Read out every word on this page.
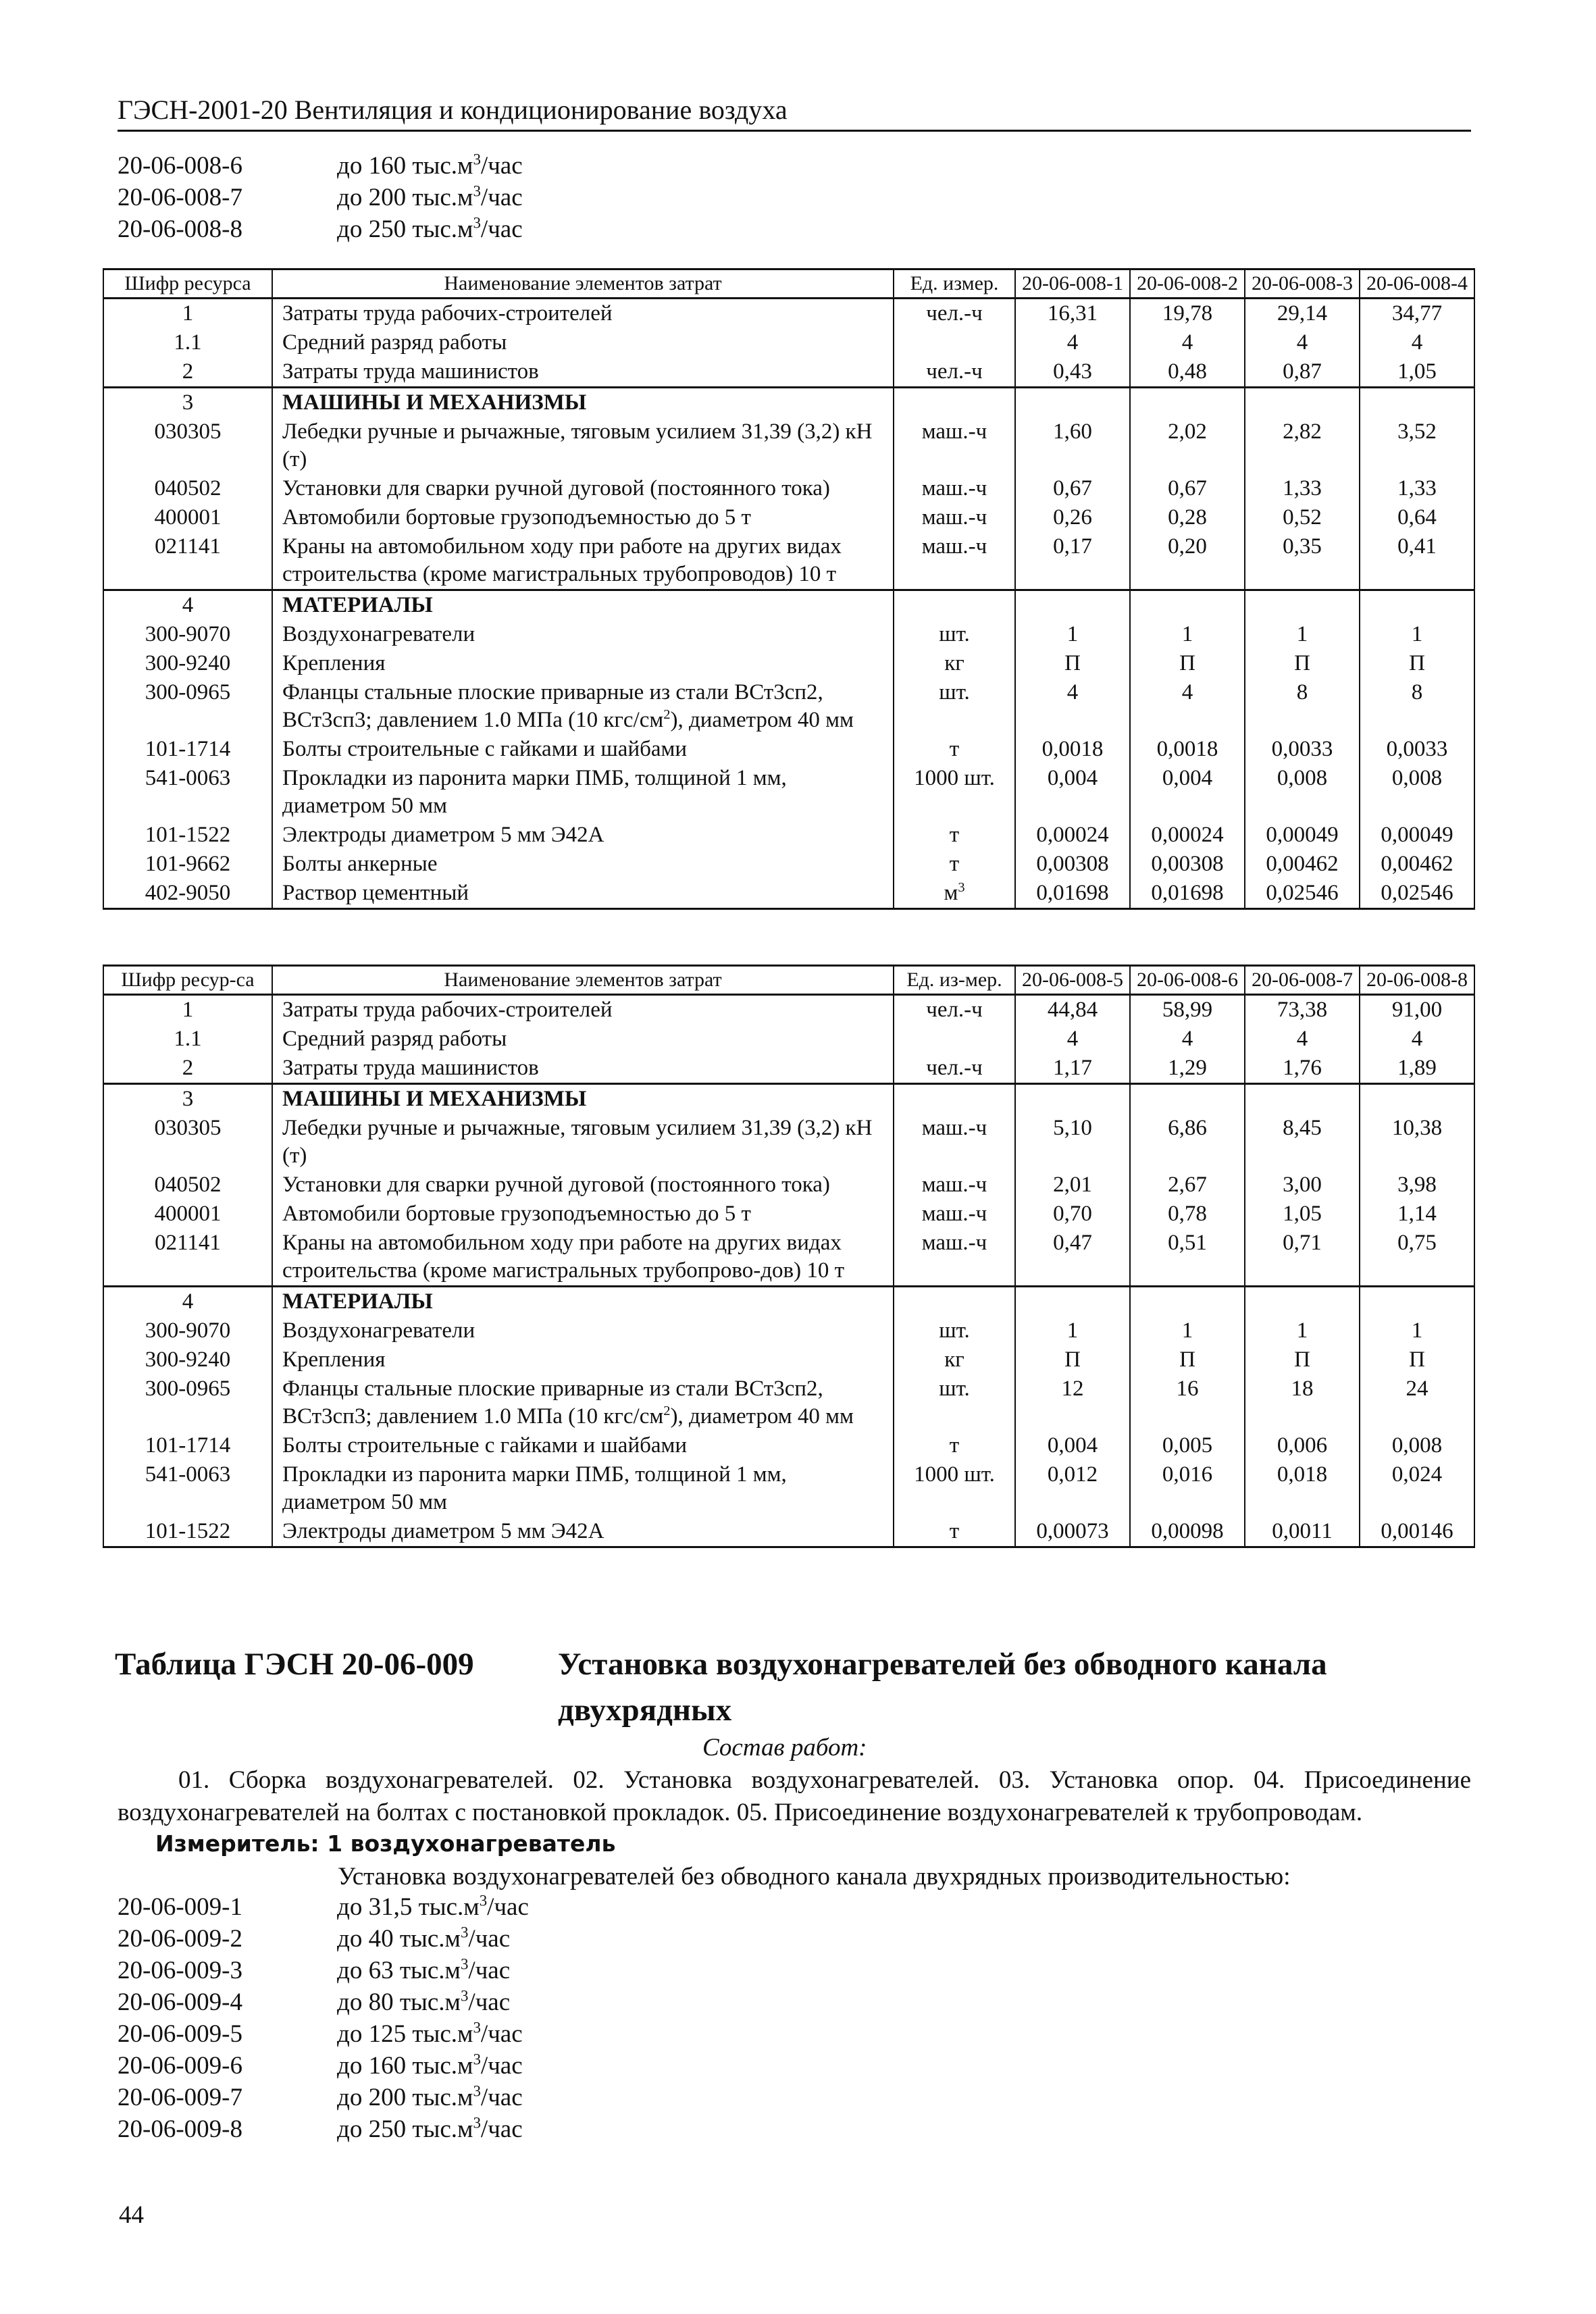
ГЭСН-2001-20 Вентиляция и кондиционирование воздуха
20-06-008-6	до 160 $тыс.м^3$/час
20-06-008-7	до 200 $тыс.м^3$/час
20-06-008-8	до 250 $тыс.м^3$/час
Шифр ресурса	Наименование элементов затрат	Ед. измер.	20-06-008-1	20-06-008-2	20-06-008-3	20-06-008-4
1	Затраты труда рабочих-строителей	чел.-ч	16,31	19,78	29,14	34,77
1.1	Средний разряд работы		4	4	4	4
2	Затраты труда машинистов	чел.-ч	0,43	0,48	0,87	1,05
3	МАШИНЫ И МЕХАНИЗМЫ					
030305	Лебедки ручные и рычажные, тяговым усилием 31,39 (3,2) кН (т)	маш.-ч	1,60	2,02	2,82	3,52
040502	Установки для сварки ручной дуговой (постоянного тока)	маш.-ч	0,67	0,67	1,33	1,33
400001	Автомобили бортовые грузоподъемностью до 5 т	маш.-ч	0,26	0,28	0,52	0,64
021141	Краны на автомобильном ходу при работе на других видах строительства (кроме магистральных трубопроводов) 10 т	маш.-ч	0,17	0,20	0,35	0,41
4	МАТЕРИАЛЫ					
300-9070	Воздухонагреватели	шт.	1	1	1	1
300-9240	Крепления	кг	П	П	П	П
300-0965	Фланцы стальные плоские приварные из стали ВСт3сп2, ВСт3сп3; давлением 1.0 МПа (10 кгс/$см^2$), диаметром 40 мм	шт.	4	4	8	8
101-1714	Болты строительные с гайками и шайбами	т	0,0018	0,0018	0,0033	0,0033
541-0063	Прокладки из паронита марки ПМБ, толщиной 1 мм, диаметром 50 мм	1000 шт.	0,004	0,004	0,008	0,008
101-1522	Электроды диаметром 5 мм Э42А	т	0,00024	0,00024	0,00049	0,00049
101-9662	Болты анкерные	т	0,00308	0,00308	0,00462	0,00462
402-9050	Раствор цементный	$м^3$	0,01698	0,01698	0,02546	0,02546
Шифр ресур-са	Наименование элементов затрат	Ед. из-мер.	20-06-008-5	20-06-008-6	20-06-008-7	20-06-008-8
1	Затраты труда рабочих-строителей	чел.-ч	44,84	58,99	73,38	91,00
1.1	Средний разряд работы		4	4	4	4
2	Затраты труда машинистов	чел.-ч	1,17	1,29	1,76	1,89
3	МАШИНЫ И МЕХАНИЗМЫ					
030305	Лебедки ручные и рычажные, тяговым усилием 31,39 (3,2) кН (т)	маш.-ч	5,10	6,86	8,45	10,38
040502	Установки для сварки ручной дуговой (постоянного тока)	маш.-ч	2,01	2,67	3,00	3,98
400001	Автомобили бортовые грузоподъемностью до 5 т	маш.-ч	0,70	0,78	1,05	1,14
021141	Краны на автомобильном ходу при работе на других видах строительства (кроме магистральных трубопрово-дов) 10 т	маш.-ч	0,47	0,51	0,71	0,75
4	МАТЕРИАЛЫ					
300-9070	Воздухонагреватели	шт.	1	1	1	1
300-9240	Крепления	кг	П	П	П	П
300-0965	Фланцы стальные плоские приварные из стали ВСт3сп2, ВСт3сп3; давлением 1.0 МПа (10 кгс/$см^2$), диаметром 40 мм	шт.	12	16	18	24
101-1714	Болты строительные с гайками и шайбами	т	0,004	0,005	0,006	0,008
541-0063	Прокладки из паронита марки ПМБ, толщиной 1 мм, диаметром 50 мм	1000 шт.	0,012	0,016	0,018	0,024
101-1522	Электроды диаметром 5 мм Э42А	т	0,00073	0,00098	0,0011	0,00146
Таблица ГЭСН 20-06-009	Установка воздухонагревателей без обводного канала двухрядных
Состав работ:
01. Сборка воздухонагревателей. 02. Установка воздухонагревателей. 03. Установка опор. 04. Присоединение воздухонагревателей на болтах с постановкой прокладок. 05. Присоединение воздухонагревателей к трубопроводам.
Измеритель: 1 воздухонагреватель
Установка воздухонагревателей без обводного канала двухрядных производительностью:
20-06-009-1	до 31,5 $тыс.м^3$/час
20-06-009-2	до 40 $тыс.м^3$/час
20-06-009-3	до 63 $тыс.м^3$/час
20-06-009-4	до 80 $тыс.м^3$/час
20-06-009-5	до 125 $тыс.м^3$/час
20-06-009-6	до 160 $тыс.м^3$/час
20-06-009-7	до 200 $тыс.м^3$/час
20-06-009-8	до 250 $тыс.м^3$/час
44
